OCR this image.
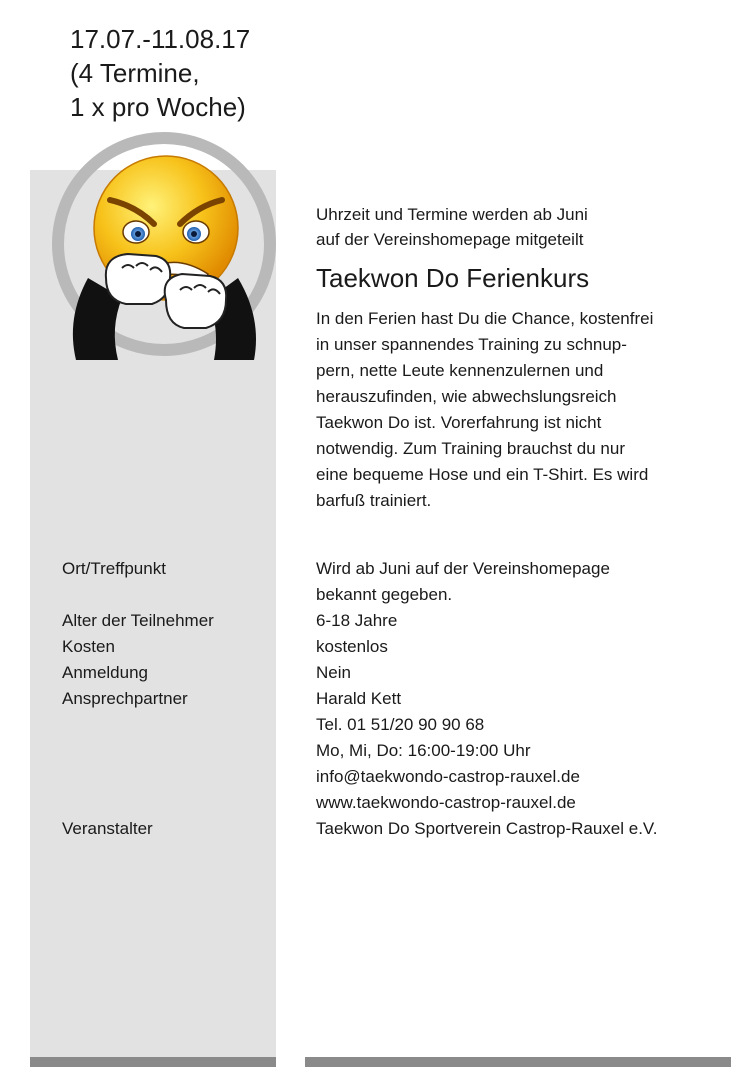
17.07.-11.08.17
(4 Termine,
1 x pro Woche)
Uhrzeit und Termine werden ab Juni
auf der Vereinshomepage mitgeteilt
Taekwon Do Ferienkurs
In den Ferien hast Du die Chance, kostenfrei
in unser spannendes Training zu schnup-
pern, nette Leute kennenzulernen und
herauszufinden, wie abwechslungsreich
Taekwon Do ist. Vorerfahrung ist nicht
notwendig. Zum Training brauchst du nur
eine bequeme Hose und ein T-Shirt. Es wird
barfuß trainiert.
Ort/Treffpunkt	Wird ab Juni auf der Vereinshomepage
bekannt gegeben.
Alter der Teilnehmer	6-18 Jahre
Kosten	kostenlos
Anmeldung	Nein
Ansprechpartner	Harald Kett
Tel. 01 51/20 90 90 68
Mo, Mi, Do: 16:00-19:00 Uhr
info@taekwondo-castrop-rauxel.de
www.taekwondo-castrop-rauxel.de
Veranstalter	Taekwon Do Sportverein Castrop-Rauxel e.V.
